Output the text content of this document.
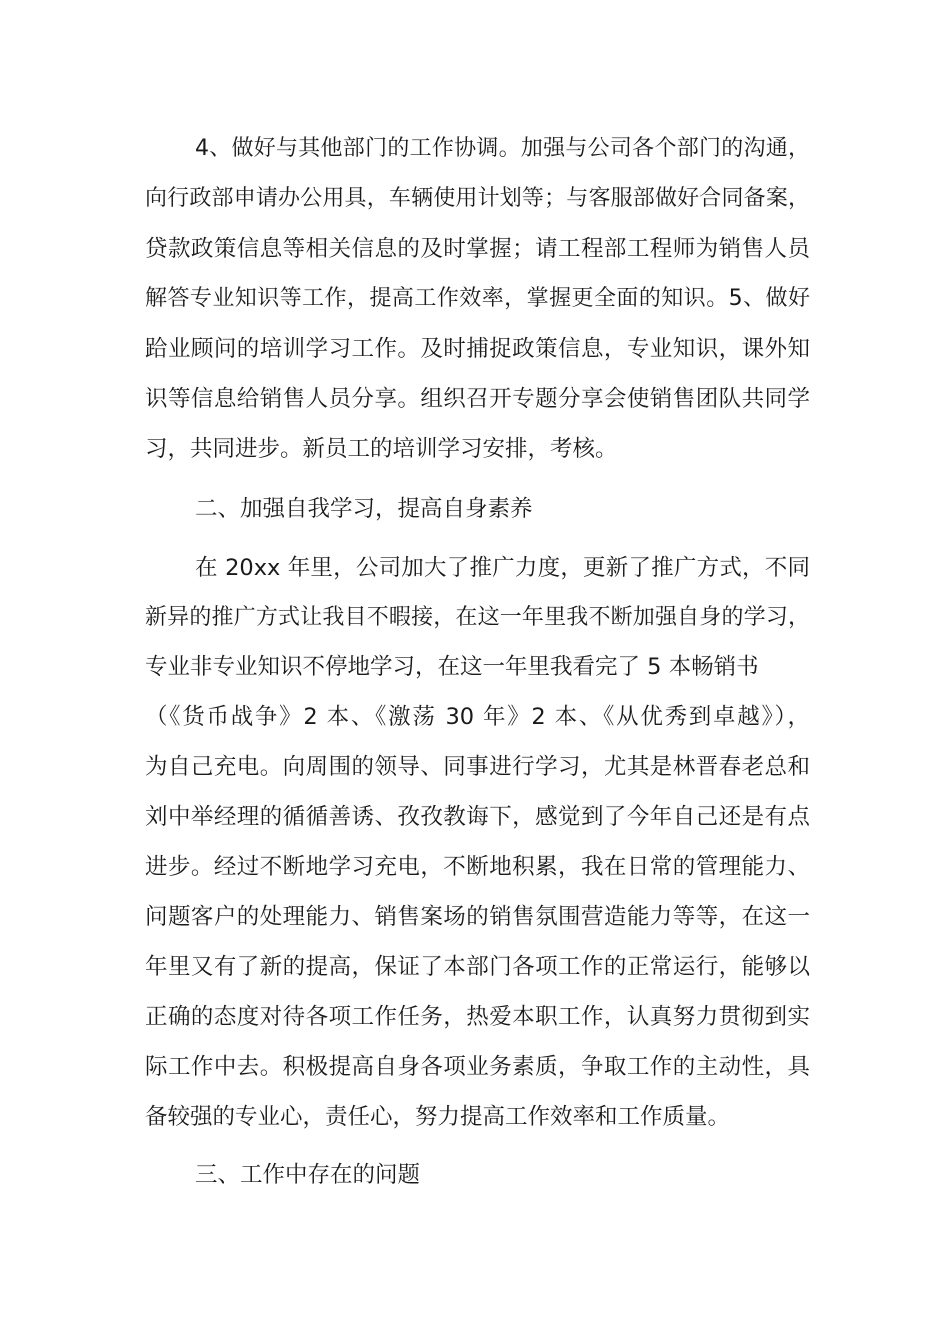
4、做好与其他部门的工作协调。加强与公司各个部门的沟通，
向行政部申请办公用具，车辆使用计划等；与客服部做好合同备案，
贷款政策信息等相关信息的及时掌握；请工程部工程师为销售人员
解答专业知识等工作，提高工作效率，掌握更全面的知识。5、做好
跲业顾问的培训学习工作。及时捕捉政策信息，专业知识，课外知
识等信息给销售人员分享。组织召开专题分享会使销售团队共同学
习，共同进步。新员工的培训学习安排，考核。
二、加强自我学习，提高自身素养
在 20xx 年里，公司加大了推广力度，更新了推广方式，不同
新异的推广方式让我目不暇接，在这一年里我不断加强自身的学习，
专业非专业知识不停地学习，在这一年里我看完了 5 本畅销书
（《货币战争》2 本、《激荡 30 年》2 本、《从优秀到卓越》），
为自己充电。向周围的领导、同事进行学习，尤其是林晋春老总和
刘中举经理的循循善诱、孜孜教诲下，感觉到了今年自己还是有点
进步。经过不断地学习充电，不断地积累，我在日常的管理能力、
问题客户的处理能力、销售案场的销售氛围营造能力等等，在这一
年里又有了新的提高，保证了本部门各项工作的正常运行，能够以
正确的态度对待各项工作任务，热爱本职工作，认真努力贯彻到实
际工作中去。积极提高自身各项业务素质，争取工作的主动性，具
备较强的专业心，责任心，努力提高工作效率和工作质量。
三、工作中存在的问题
